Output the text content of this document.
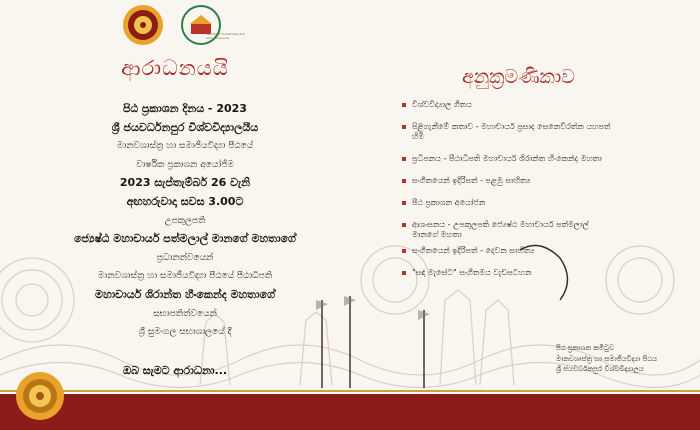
Faculty of Humanities and Social Sciences
ආරාධනයයි
පිඨ ප්‍රකාශන දිනය - 2023
ශ්‍රී ජයවර්ධනපුර විශ්වවිද්‍යාලයීය
මානවශාස්ත්‍ර හා සමාජීයවිද්‍යා පීඨයේ
වාර්ෂික ප්‍රකාශන අයෝජිම
2023 සැප්තැම්බර් 26 වැනි
අඟහරුවාදා සවස 3.00ට
උපකුලපති
ජ්‍යෙෂ්ඨ මහාචාර්ය පත්මලාල් මානගේ මහතාගේ
ප්‍රධානත්වයෙන්
මානවශාස්ත්‍ර හා සමාජීයවිද්‍යා පීඨයේ පීඨාධිපති
මහාචාර්ය ශිරාන්ත හීංකෙන්ද මහතාගේ
සභාපතිත්වයෙන්
ශ්‍රී සුමංගල සභාශාලයේ දී
ඔබ සැමට ආරාධනා...
අනුක්‍රමණිකාව
විශ්වවිද්‍යාල ගීතය
පිළිගැනීමේ කතාව - මහාචාර්ය ප්‍රසාද සෙනෙවිරත්න යහපත් හිමි
ප්‍රධීපනය - පීඨාධිපති මහාචාර්ය ශිරාන්ත හීංකෙන්ද මහතා
සංගීතයෙන් ඉදිරිපත් - පළමු සාහිත්‍ය
පීඨ ප්‍රකාශන අයෝජන
ආශංසනය - උපකුලපති ජ්‍යෙෂ්ඨ මහාචාර්ය පත්මලාල් මානගේ මහතා
සංගීතයෙන් ඉදිරිපත් - දෙවන සාහිත්‍ය
"සඳ මැසේට" සංගීතමය වැඩසටහන
පීඨ ප්‍රකාශන කමිටුව
මානවශාස්ත්‍ර හා සමාජීයවිද්‍යා පීඨය
ශ්‍රී ජයවර්ධනපුර විශ්වවිද්‍යාලය
